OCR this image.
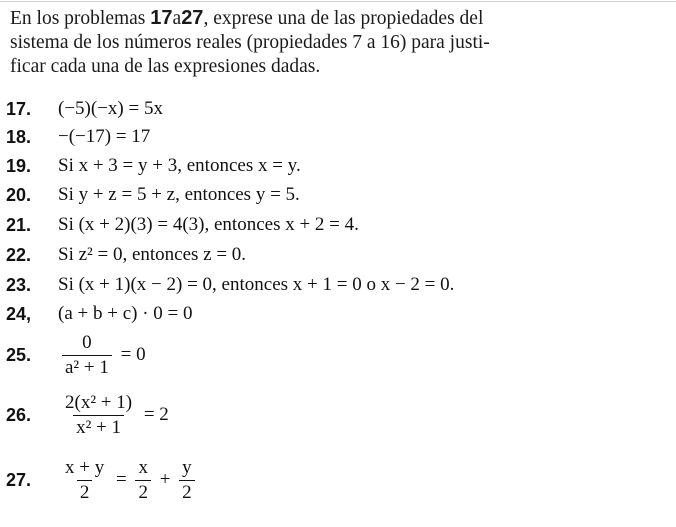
En los problemas 17a27, exprese una de las propiedades del
sistema de los números reales (propiedades 7 a 16) para justi-
ficar cada una de las expresiones dadas.
17.	(−5)(−x) = 5x
18.	−(−17) = 17
19.	Si x + 3 = y + 3, entonces x = y.
20.	Si y + z = 5 + z, entonces y = 5.
21.	Si (x + 2)(3) = 4(3), entonces x + 2 = 4.
22.	Si z² = 0, entonces z = 0.
23.	Si (x + 1)(x − 2) = 0, entonces x + 1 = 0 o x − 2 = 0.
24,	(a + b + c) · 0 = 0
25.	$\frac{0}{\text{a² + 1}} = 0$
26.	$\frac{\text{2(x² + 1)}}{\text{x² + 1}} = 2$
27.	$\frac{x + y}{2} = \frac{x}{2} + \frac{y}{2}$
